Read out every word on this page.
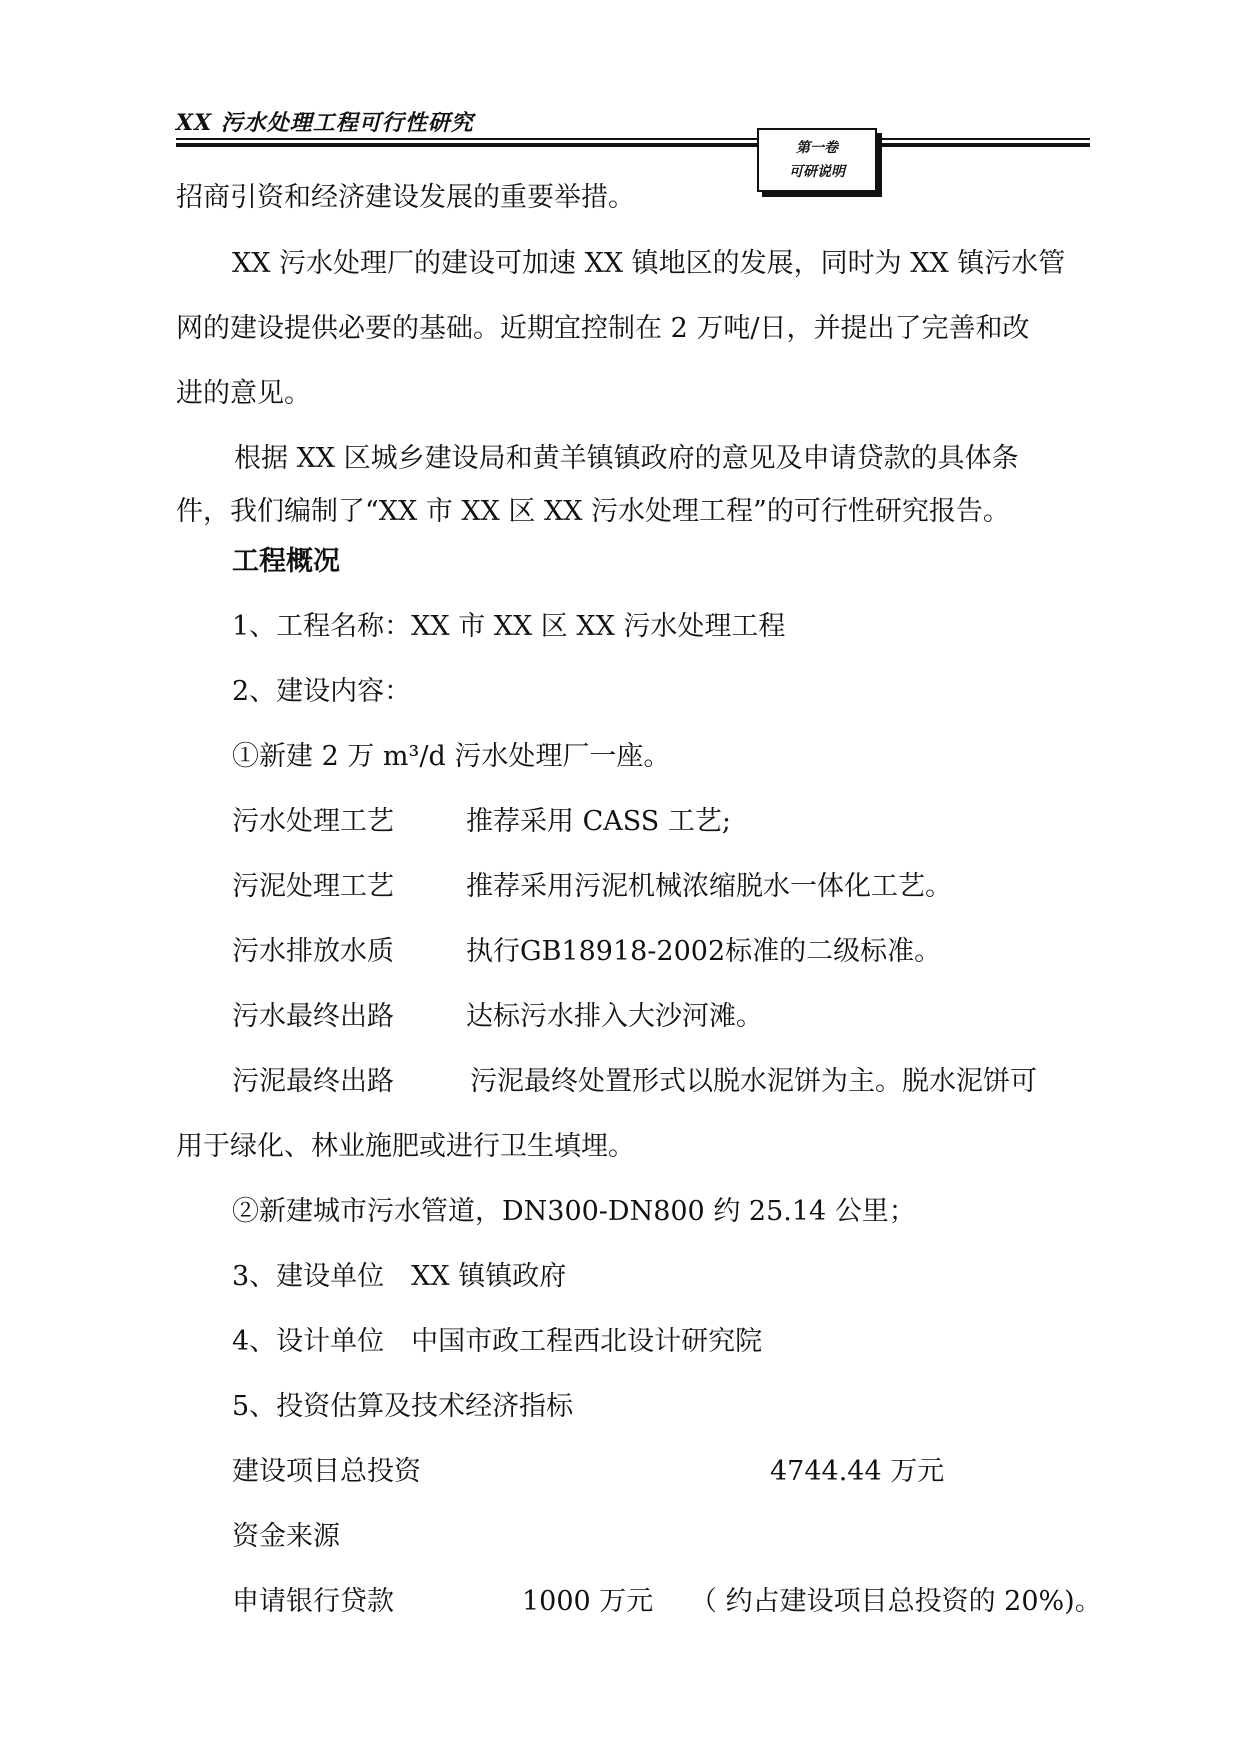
XX 污水处理工程可行性研究
第一卷
可研说明
招商引资和经济建设发展的重要举措。
XX 污水处理厂的建设可加速 XX 镇地区的发展，同时为 XX 镇污水管
网的建设提供必要的基础。近期宜控制在 2 万吨/日，并提出了完善和改
进的意见。
根据 XX 区城乡建设局和黄羊镇镇政府的意见及申请贷款的具体条
件，我们编制了“XX 市 XX 区 XX 污水处理工程”的可行性研究报告。
工程概况
1、工程名称：XX 市 XX 区 XX 污水处理工程
2、建设内容：
①新建 2 万 m³/d 污水处理厂一座。
污水处理工艺	推荐采用 CASS 工艺;
污泥处理工艺	推荐采用污泥机械浓缩脱水一体化工艺。
污水排放水质	执行GB18918-2002标准的二级标准。
污水最终出路	达标污水排入大沙河滩。
污泥最终出路	污泥最终处置形式以脱水泥饼为主。脱水泥饼可
用于绿化、林业施肥或进行卫生填埋。
②新建城市污水管道，DN300-DN800 约 25.14 公里；
3、建设单位　XX 镇镇政府
4、设计单位　中国市政工程西北设计研究院
5、投资估算及技术经济指标
建设项目总投资	4744.44 万元
资金来源
申请银行贷款	1000 万元 （ 约占建设项目总投资的 20%)。
